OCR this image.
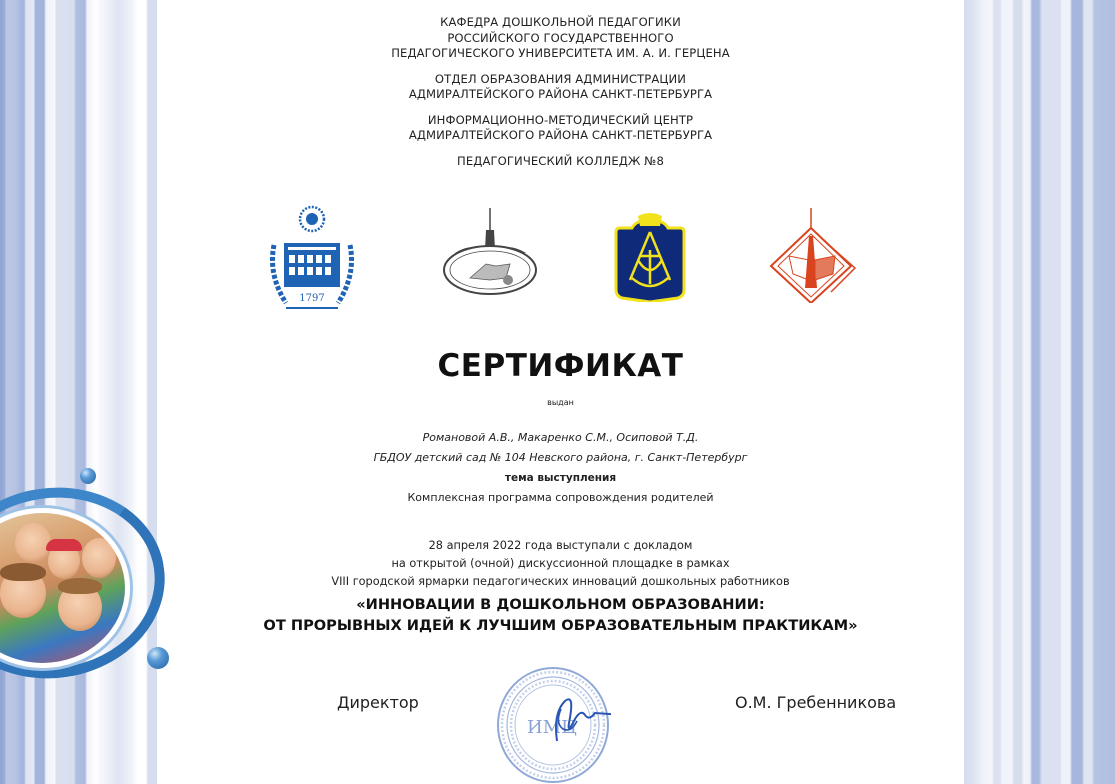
КАФЕДРА ДОШКОЛЬНОЙ ПЕДАГОГИКИ
РОССИЙСКОГО ГОСУДАРСТВЕННОГО
ПЕДАГОГИЧЕСКОГО УНИВЕРСИТЕТА ИМ. А. И. ГЕРЦЕНА
ОТДЕЛ ОБРАЗОВАНИЯ АДМИНИСТРАЦИИ
АДМИРАЛТЕЙСКОГО РАЙОНА САНКТ-ПЕТЕРБУРГА
ИНФОРМАЦИОННО-МЕТОДИЧЕСКИЙ ЦЕНТР
АДМИРАЛТЕЙСКОГО РАЙОНА САНКТ-ПЕТЕРБУРГА
ПЕДАГОГИЧЕСКИЙ КОЛЛЕДЖ №8
1797
СЕРТИФИКАТ
выдан
Романовой А.В., Макаренко С.М., Осиповой Т.Д.
ГБДОУ детский сад № 104 Невского района, г. Санкт-Петербург
тема выступления
Комплексная программа сопровождения родителей
28 апреля 2022 года выступали с докладом
на открытой (очной) дискуссионной площадке в рамках
VIII городской ярмарки педагогических инноваций дошкольных работников
«ИННОВАЦИИ В ДОШКОЛЬНОМ ОБРАЗОВАНИИ:
ОТ ПРОРЫВНЫХ ИДЕЙ К ЛУЧШИМ ОБРАЗОВАТЕЛЬНЫМ ПРАКТИКАМ»
ИМЦ
Директор	О.М. Гребенникова
